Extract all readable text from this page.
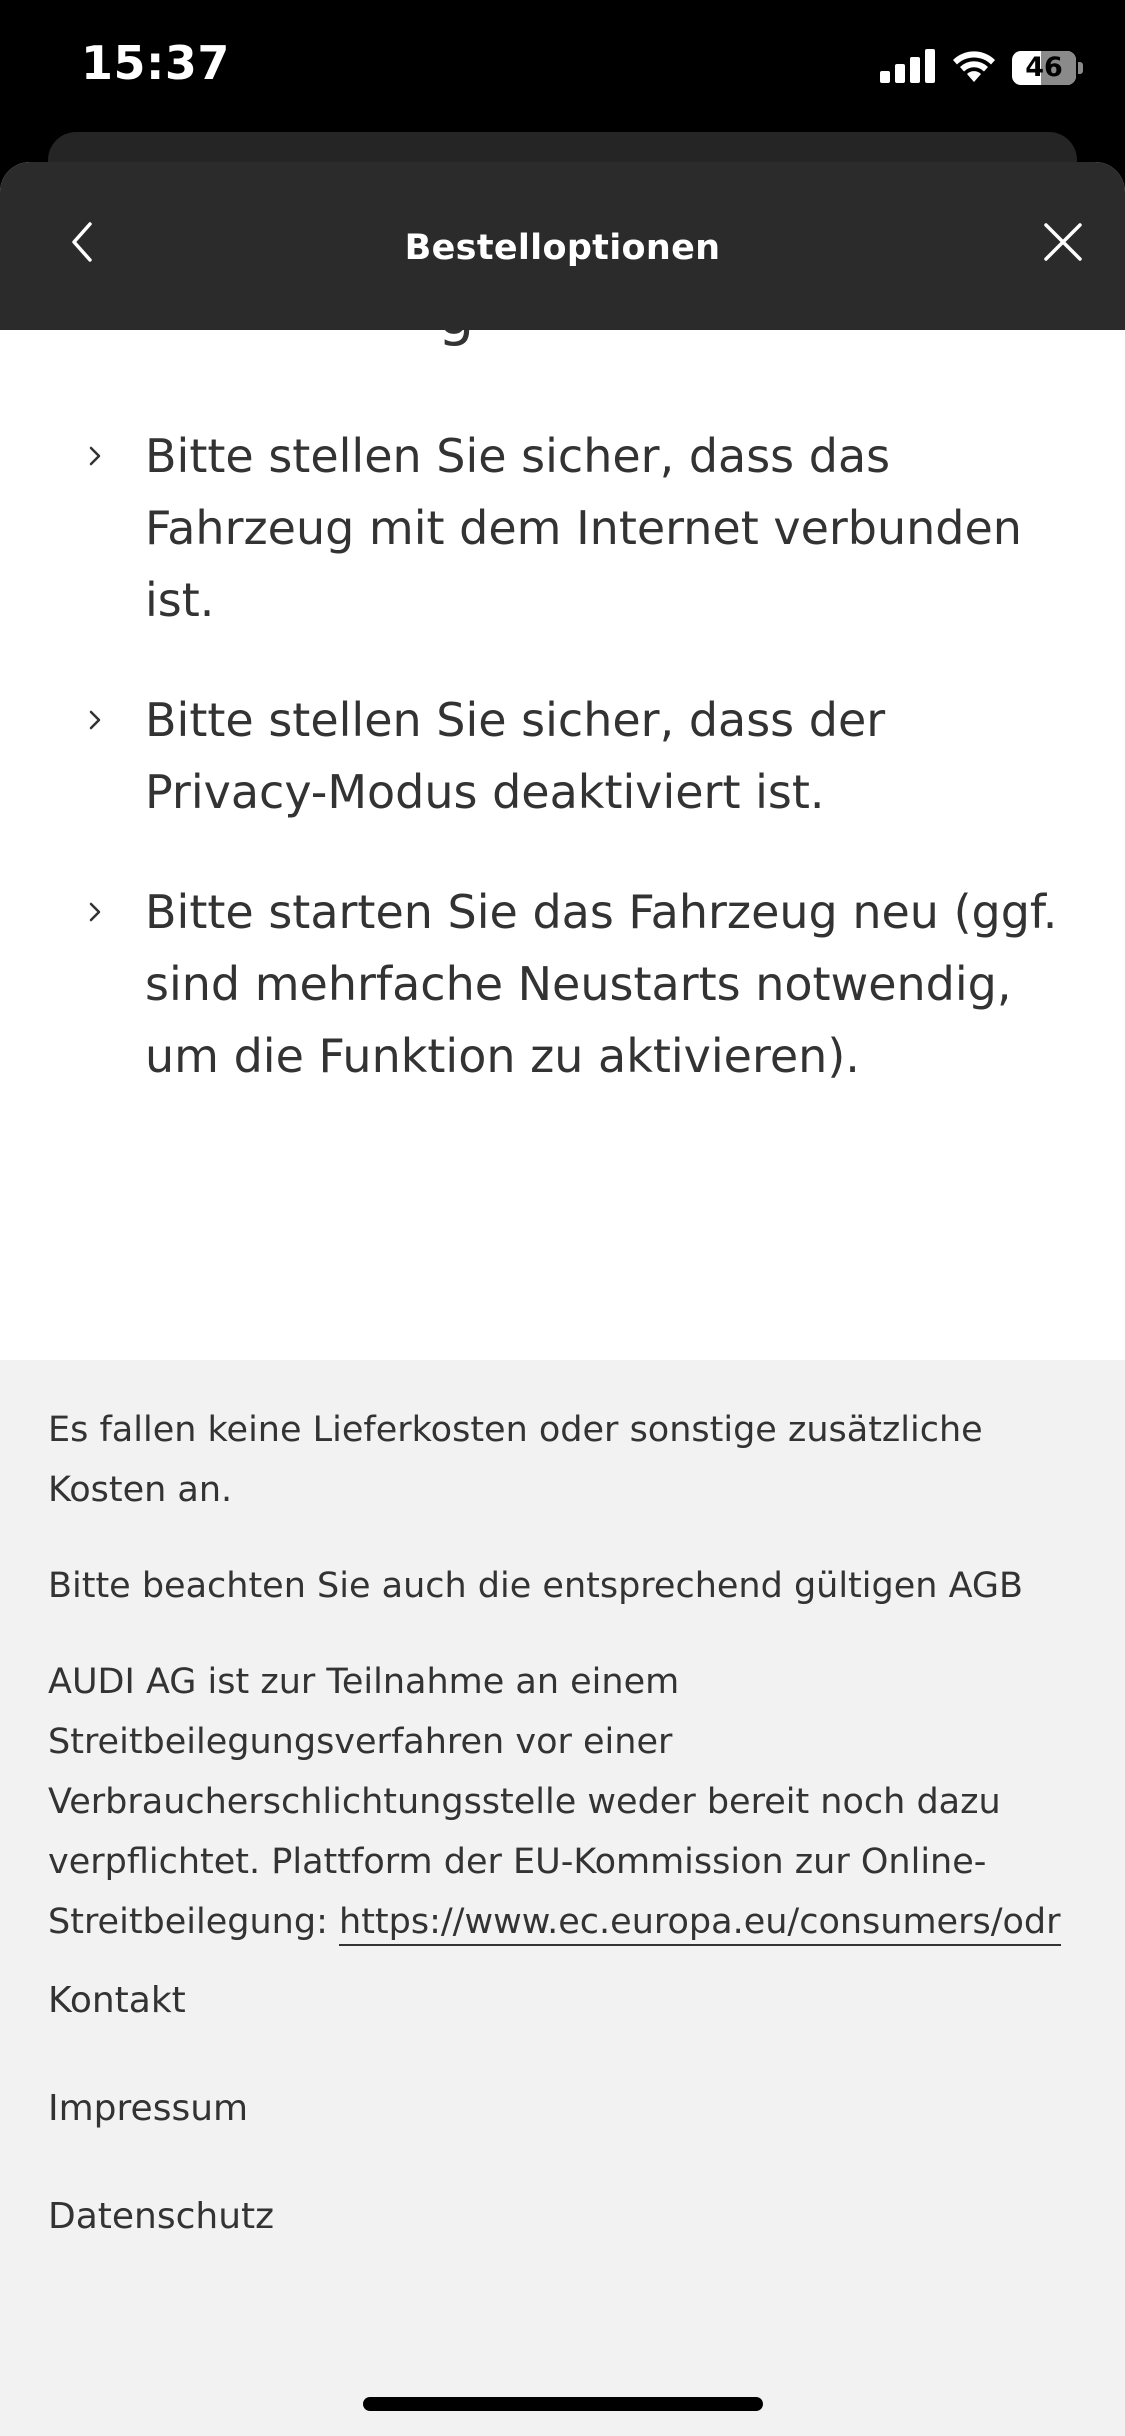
15:37	46
Bestelloptionen
Bitte stellen Sie sicher, dass das Fahrzeug mit dem Internet verbunden ist.
Bitte stellen Sie sicher, dass der Privacy-Modus deaktiviert ist.
Bitte starten Sie das Fahrzeug neu (ggf. sind mehrfache Neustarts notwendig, um die Funktion zu aktivieren).

Es fallen keine Lieferkosten oder sonstige zusätzliche Kosten an.

Bitte beachten Sie auch die entsprechend gültigen AGB

AUDI AG ist zur Teilnahme an einem Streitbeilegungsverfahren vor einer Verbraucherschlichtungsstelle weder bereit noch dazu verpflichtet. Plattform der EU-Kommission zur Online-Streitbeilegung: https://www.ec.europa.eu/consumers/odr

Kontakt
Impressum
Datenschutz
